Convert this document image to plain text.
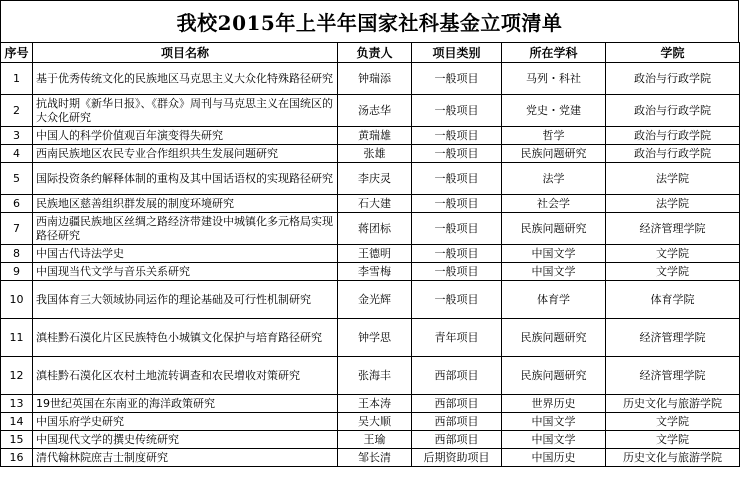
我校2015年上半年国家社科基金立项清单
序号	项目名称	负责人	项目类别	所在学科	学院
1	基于优秀传统文化的民族地区马克思主义大众化特殊路径研究	钟瑞添	一般项目	马列・科社	政治与行政学院
2	抗战时期《新华日报》、《群众》周刊与马克思主义在国统区的大众化研究	汤志华	一般项目	党史・党建	政治与行政学院
3	中国人的科学价值观百年演变得失研究	黄瑞雄	一般项目	哲学	政治与行政学院
4	西南民族地区农民专业合作组织共生发展问题研究	张雄	一般项目	民族问题研究	政治与行政学院
5	国际投资条约解释体制的重构及其中国话语权的实现路径研究	李庆灵	一般项目	法学	法学院
6	民族地区慈善组织群发展的制度环境研究	石大建	一般项目	社会学	法学院
7	西南边疆民族地区丝绸之路经济带建设中城镇化多元格局实现路径研究	蒋团标	一般项目	民族问题研究	经济管理学院
8	中国古代诗法学史	王德明	一般项目	中国文学	文学院
9	中国现当代文学与音乐关系研究	李雪梅	一般项目	中国文学	文学院
10	我国体育三大领域协同运作的理论基础及可行性机制研究	金光辉	一般项目	体育学	体育学院
11	滇桂黔石漠化片区民族特色小城镇文化保护与培育路径研究	钟学思	青年项目	民族问题研究	经济管理学院
12	滇桂黔石漠化区农村土地流转调查和农民增收对策研究	张海丰	西部项目	民族问题研究	经济管理学院
13	19世纪英国在东南亚的海洋政策研究	王本涛	西部项目	世界历史	历史文化与旅游学院
14	中国乐府学史研究	吴大顺	西部项目	中国文学	文学院
15	中国现代文学的撰史传统研究	王瑜	西部项目	中国文学	文学院
16	清代翰林院庶吉士制度研究	邹长清	后期资助项目	中国历史	历史文化与旅游学院
